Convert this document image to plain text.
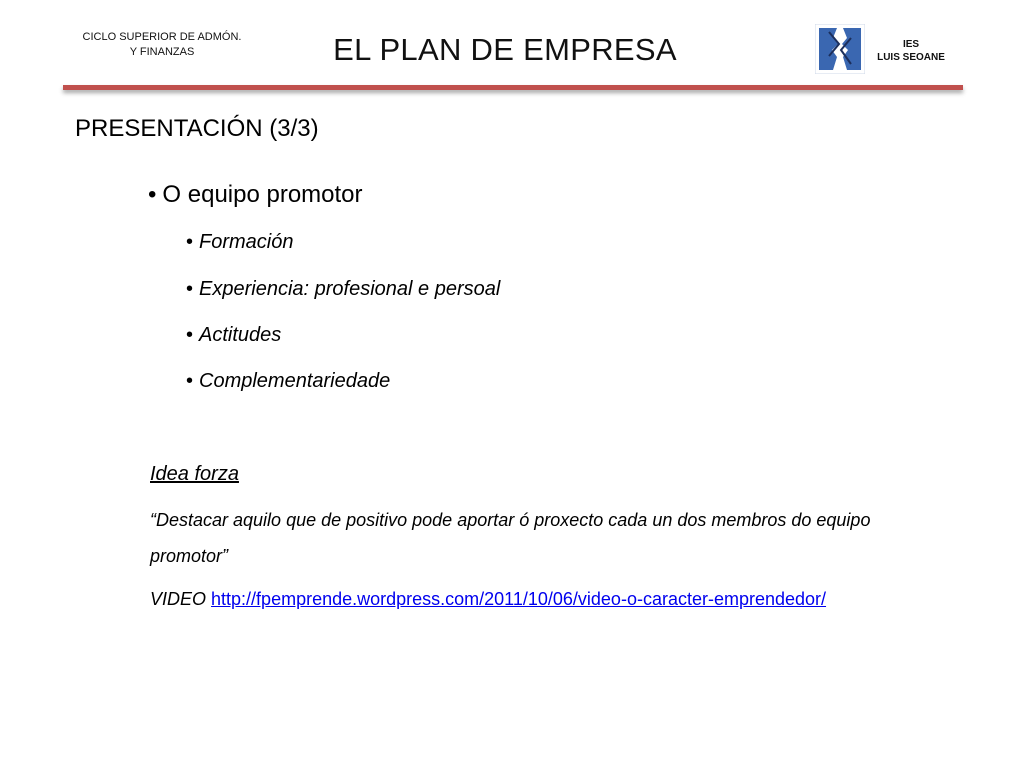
CICLO SUPERIOR DE ADMÓN.
Y FINANZAS	EL PLAN DE EMPRESA	IES
LUIS SEOANE
PRESENTACIÓN (3/3)
• O equipo promotor
• Formación
• Experiencia: profesional e persoal
• Actitudes
• Complementariedade
Idea forza
“Destacar aquilo que de positivo pode aportar ó proxecto cada un dos membros do equipo promotor”
VIDEO http://fpemprende.wordpress.com/2011/10/06/video-o-caracter-emprendedor/
